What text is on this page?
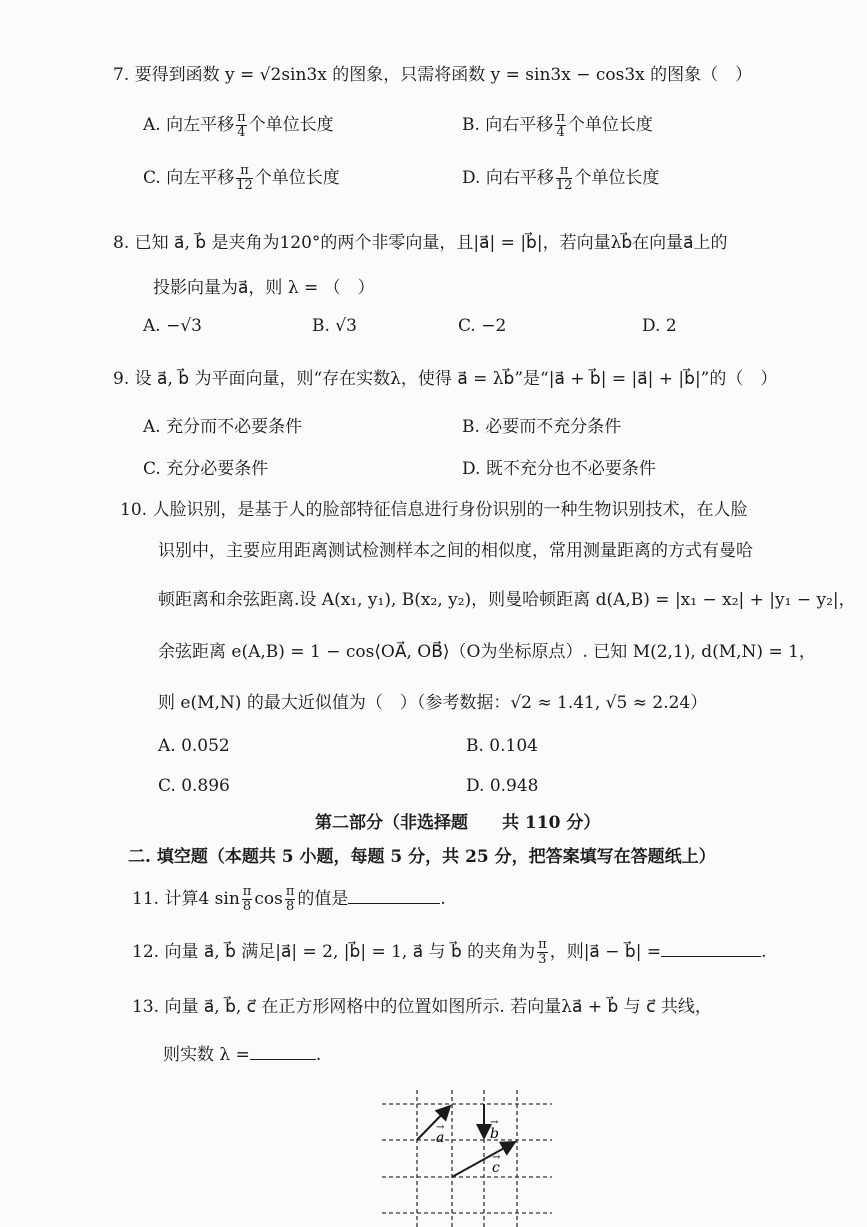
7. 要得到函数 y = √2sin3x 的图象，只需将函数 y = sin3x − cos3x 的图象（　）
A. 向左平移 $\frac{\pi}{4}$ 个单位长度	B. 向右平移 $\frac{\pi}{4}$ 个单位长度
C. 向左平移 $\frac{\pi}{12}$ 个单位长度	D. 向右平移 $\frac{\pi}{12}$ 个单位长度
8. 已知 a⃗, b⃗ 是夹角为120°的两个非零向量，且|a⃗| = |b⃗|，若向量λb⃗在向量a⃗上的
投影向量为a⃗，则 λ = （　）
A. −√3	B. √3	C. −2	D. 2
9. 设 a⃗, b⃗ 为平面向量，则“存在实数λ，使得 a⃗ = λb⃗”是“|a⃗ + b⃗| = |a⃗| + |b⃗|”的（　）
A. 充分而不必要条件	B. 必要而不充分条件
C. 充分必要条件	D. 既不充分也不必要条件
10. 人脸识别，是基于人的脸部特征信息进行身份识别的一种生物识别技术，在人脸
识别中，主要应用距离测试检测样本之间的相似度，常用测量距离的方式有曼哈
顿距离和余弦距离.设 A(x₁, y₁), B(x₂, y₂)，则曼哈顿距离 d(A,B) = |x₁ − x₂| + |y₁ − y₂|，
余弦距离 e(A,B) = 1 − cos⟨OA⃗, OB⃗⟩（O为坐标原点）. 已知 M(2,1), d(M,N) = 1，
则 e(M,N) 的最大近似值为（　）（参考数据：√2 ≈ 1.41, √5 ≈ 2.24）
A. 0.052	B. 0.104
C. 0.896	D. 0.948
第二部分（非选择题　　共 110 分）
二. 填空题（本题共 5 小题，每题 5 分，共 25 分，把答案填写在答题纸上）
11. 计算4 $\sin \frac{\pi}{8}$ $\cos \frac{\pi}{8}$ 的值是	.
12. 向量 a⃗, b⃗ 满足|a⃗| = 2, |b⃗| = 1, a⃗ 与 b⃗ 的夹角为 $\frac{\pi}{3}$ ，则|a⃗ − b⃗| =	.
13. 向量 a⃗, b⃗, c⃗ 在正方形网格中的位置如图所示. 若向量λa⃗ + b⃗ 与 c⃗ 共线，
则实数 λ =	.
a	b
c
→	→
→
